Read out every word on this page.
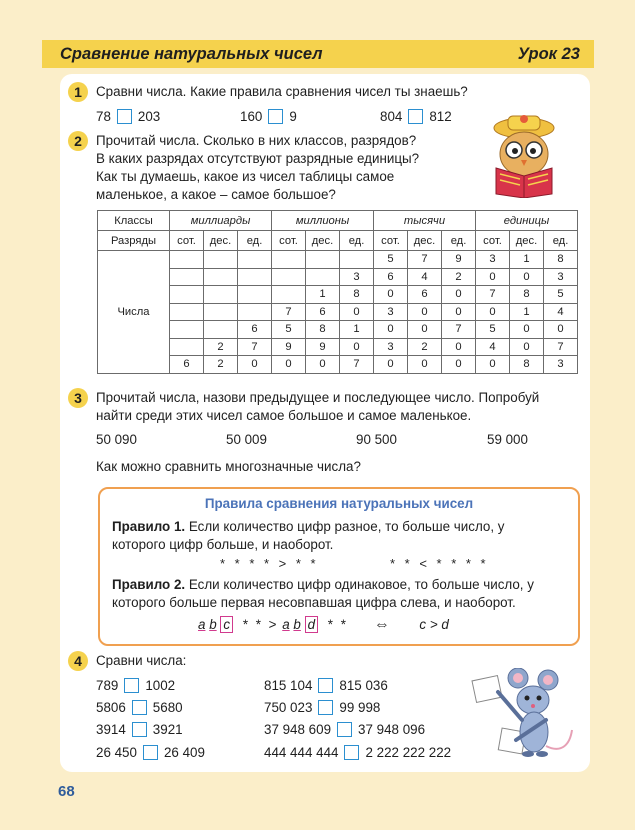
Сравнение натуральных чисел	Урок 23
1	Сравни числа. Какие правила сравнения чисел ты знаешь?
78 203	160 9	804 812
2	Прочитай числа. Сколько в них классов, разрядов?
В каких разрядах отсутствуют разрядные единицы?
Как ты думаешь, какое из чисел таблицы самое
маленькое, а какое – самое большое?
Классы	миллиарды			миллионы			тысячи			единицы		
Разряды	сот.	дес.	ед.	сот.	дес.	ед.	сот.	дес.	ед.	сот.	дес.	ед.
Числа							5	7	9	3	1	8
						3	6	4	2	0	0	3
					1	8	0	6	0	7	8	5
				7	6	0	3	0	0	0	1	4
			6	5	8	1	0	0	7	5	0	0
		2	7	9	9	0	3	2	0	4	0	7
	6	2	0	0	0	7	0	0	0	0	8	3
3	Прочитай числа, назови предыдущее и последующее число. Попробуй
найти среди этих чисел самое большое и самое маленькое.
50 090	50 009	90 500	59 000
Как можно сравнить многозначные числа?
Правила сравнения натуральных чисел
Правило 1. Если количество цифр разное, то больше число, у
которого цифр больше, и наоборот.
* * * * > * *	* * < * * * *
Правило 2. Если количество цифр одинаковое, то больше число, у
которого больше первая несовпавшая цифра слева, и наоборот.
a b c * * > a b d * * ⇔ c > d
4	Сравни числа:
789 1002
5806 5680
3914 3921
26 450 26 409
815 104 815 036
750 023 99 998
37 948 609 37 948 096
444 444 444 2 222 222 222
68
